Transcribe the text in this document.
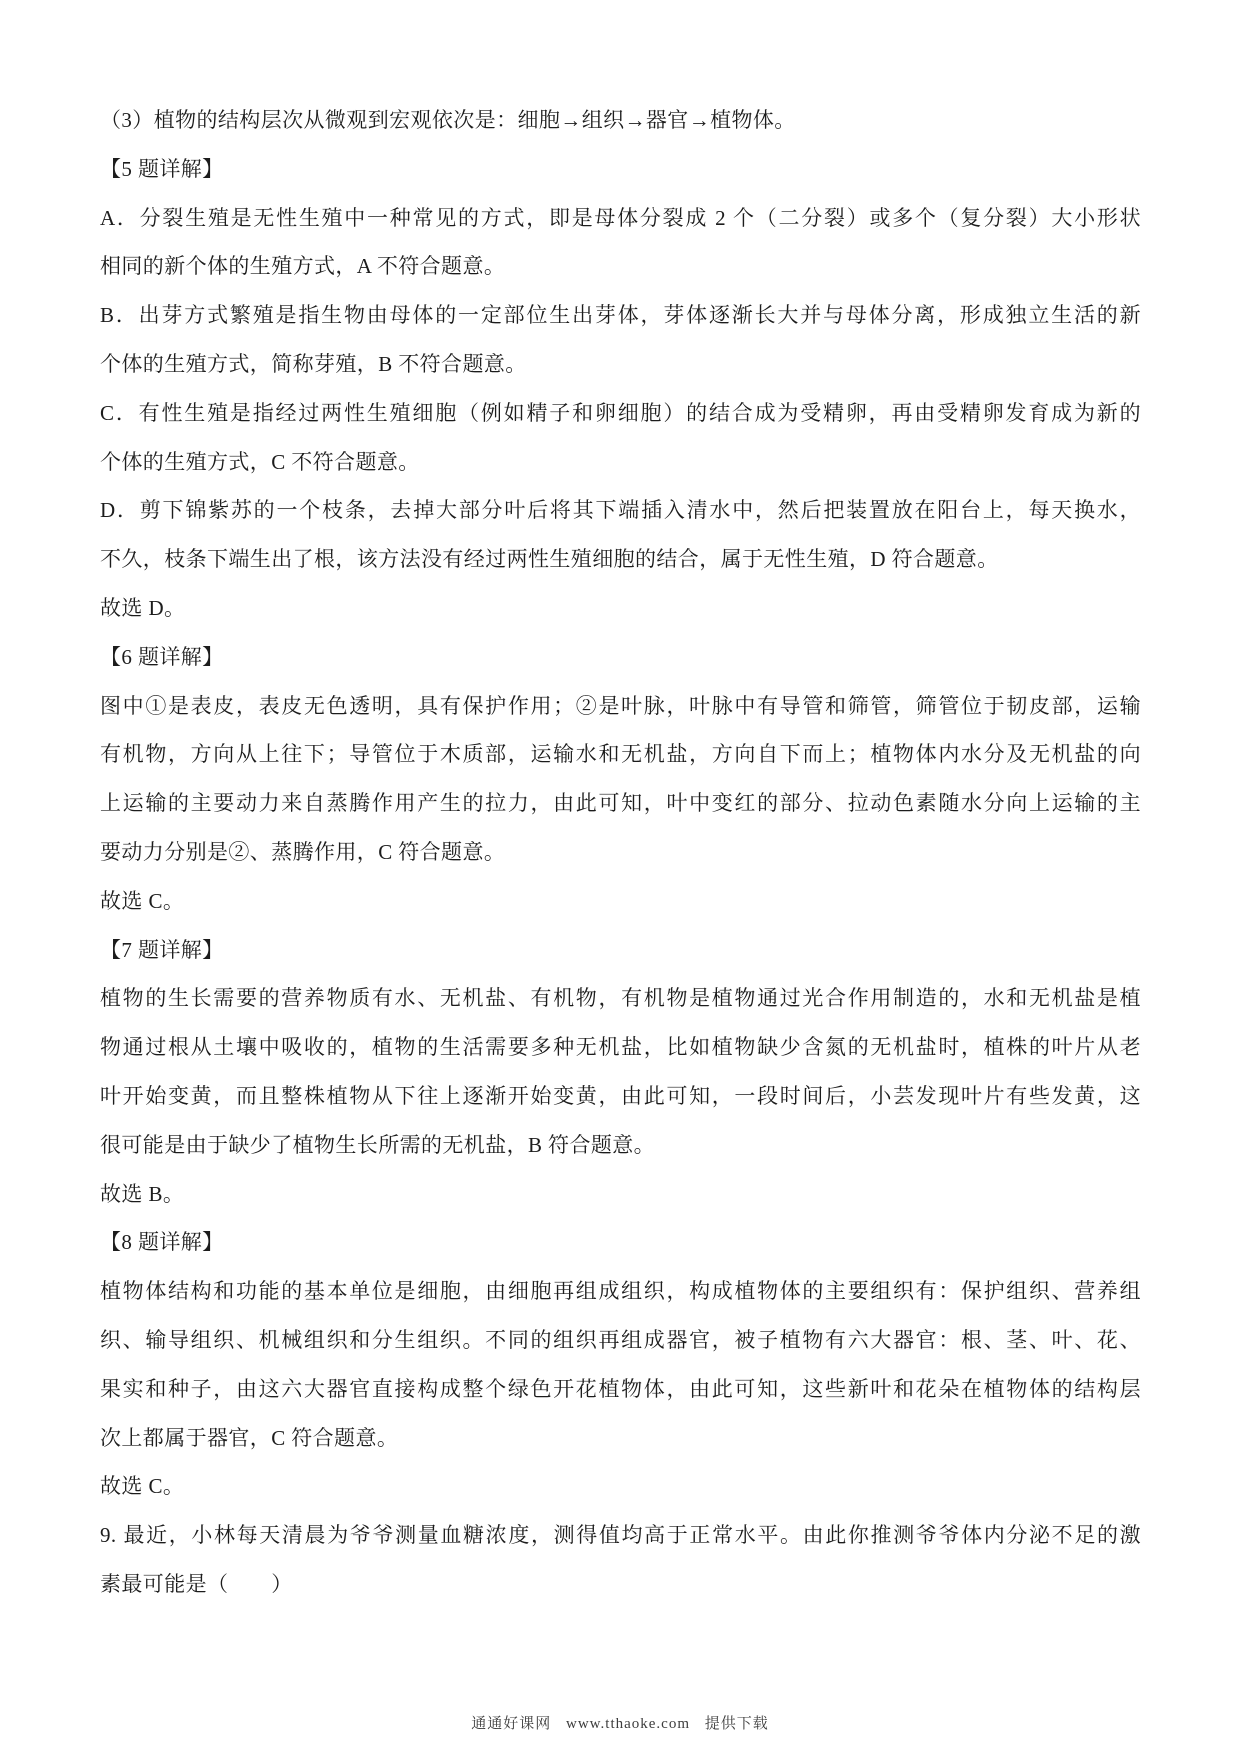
（3）植物的结构层次从微观到宏观依次是：细胞→组织→器官→植物体。
【5 题详解】
A．分裂生殖是无性生殖中一种常见的方式，即是母体分裂成 2 个（二分裂）或多个（复分裂）大小形状
相同的新个体的生殖方式，A 不符合题意。
B．出芽方式繁殖是指生物由母体的一定部位生出芽体，芽体逐渐长大并与母体分离，形成独立生活的新
个体的生殖方式，简称芽殖，B 不符合题意。
C．有性生殖是指经过两性生殖细胞（例如精子和卵细胞）的结合成为受精卵，再由受精卵发育成为新的
个体的生殖方式，C 不符合题意。
D．剪下锦紫苏的一个枝条，去掉大部分叶后将其下端插入清水中，然后把装置放在阳台上，每天换水，
不久，枝条下端生出了根，该方法没有经过两性生殖细胞的结合，属于无性生殖，D 符合题意。
故选 D。
【6 题详解】
图中①是表皮，表皮无色透明，具有保护作用；②是叶脉，叶脉中有导管和筛管，筛管位于韧皮部，运输
有机物，方向从上往下；导管位于木质部，运输水和无机盐，方向自下而上；植物体内水分及无机盐的向
上运输的主要动力来自蒸腾作用产生的拉力，由此可知，叶中变红的部分、拉动色素随水分向上运输的主
要动力分别是②、蒸腾作用，C 符合题意。
故选 C。
【7 题详解】
植物的生长需要的营养物质有水、无机盐、有机物，有机物是植物通过光合作用制造的，水和无机盐是植
物通过根从土壤中吸收的，植物的生活需要多种无机盐，比如植物缺少含氮的无机盐时，植株的叶片从老
叶开始变黄，而且整株植物从下往上逐渐开始变黄，由此可知，一段时间后，小芸发现叶片有些发黄，这
很可能是由于缺少了植物生长所需的无机盐，B 符合题意。
故选 B。
【8 题详解】
植物体结构和功能的基本单位是细胞，由细胞再组成组织，构成植物体的主要组织有：保护组织、营养组
织、输导组织、机械组织和分生组织。不同的组织再组成器官，被子植物有六大器官：根、茎、叶、花、
果实和种子，由这六大器官直接构成整个绿色开花植物体，由此可知，这些新叶和花朵在植物体的结构层
次上都属于器官，C 符合题意。
故选 C。
9. 最近，小林每天清晨为爷爷测量血糖浓度，测得值均高于正常水平。由此你推测爷爷体内分泌不足的激
素最可能是（　　）
通通好课网 www.tthaoke.com 提供下载
